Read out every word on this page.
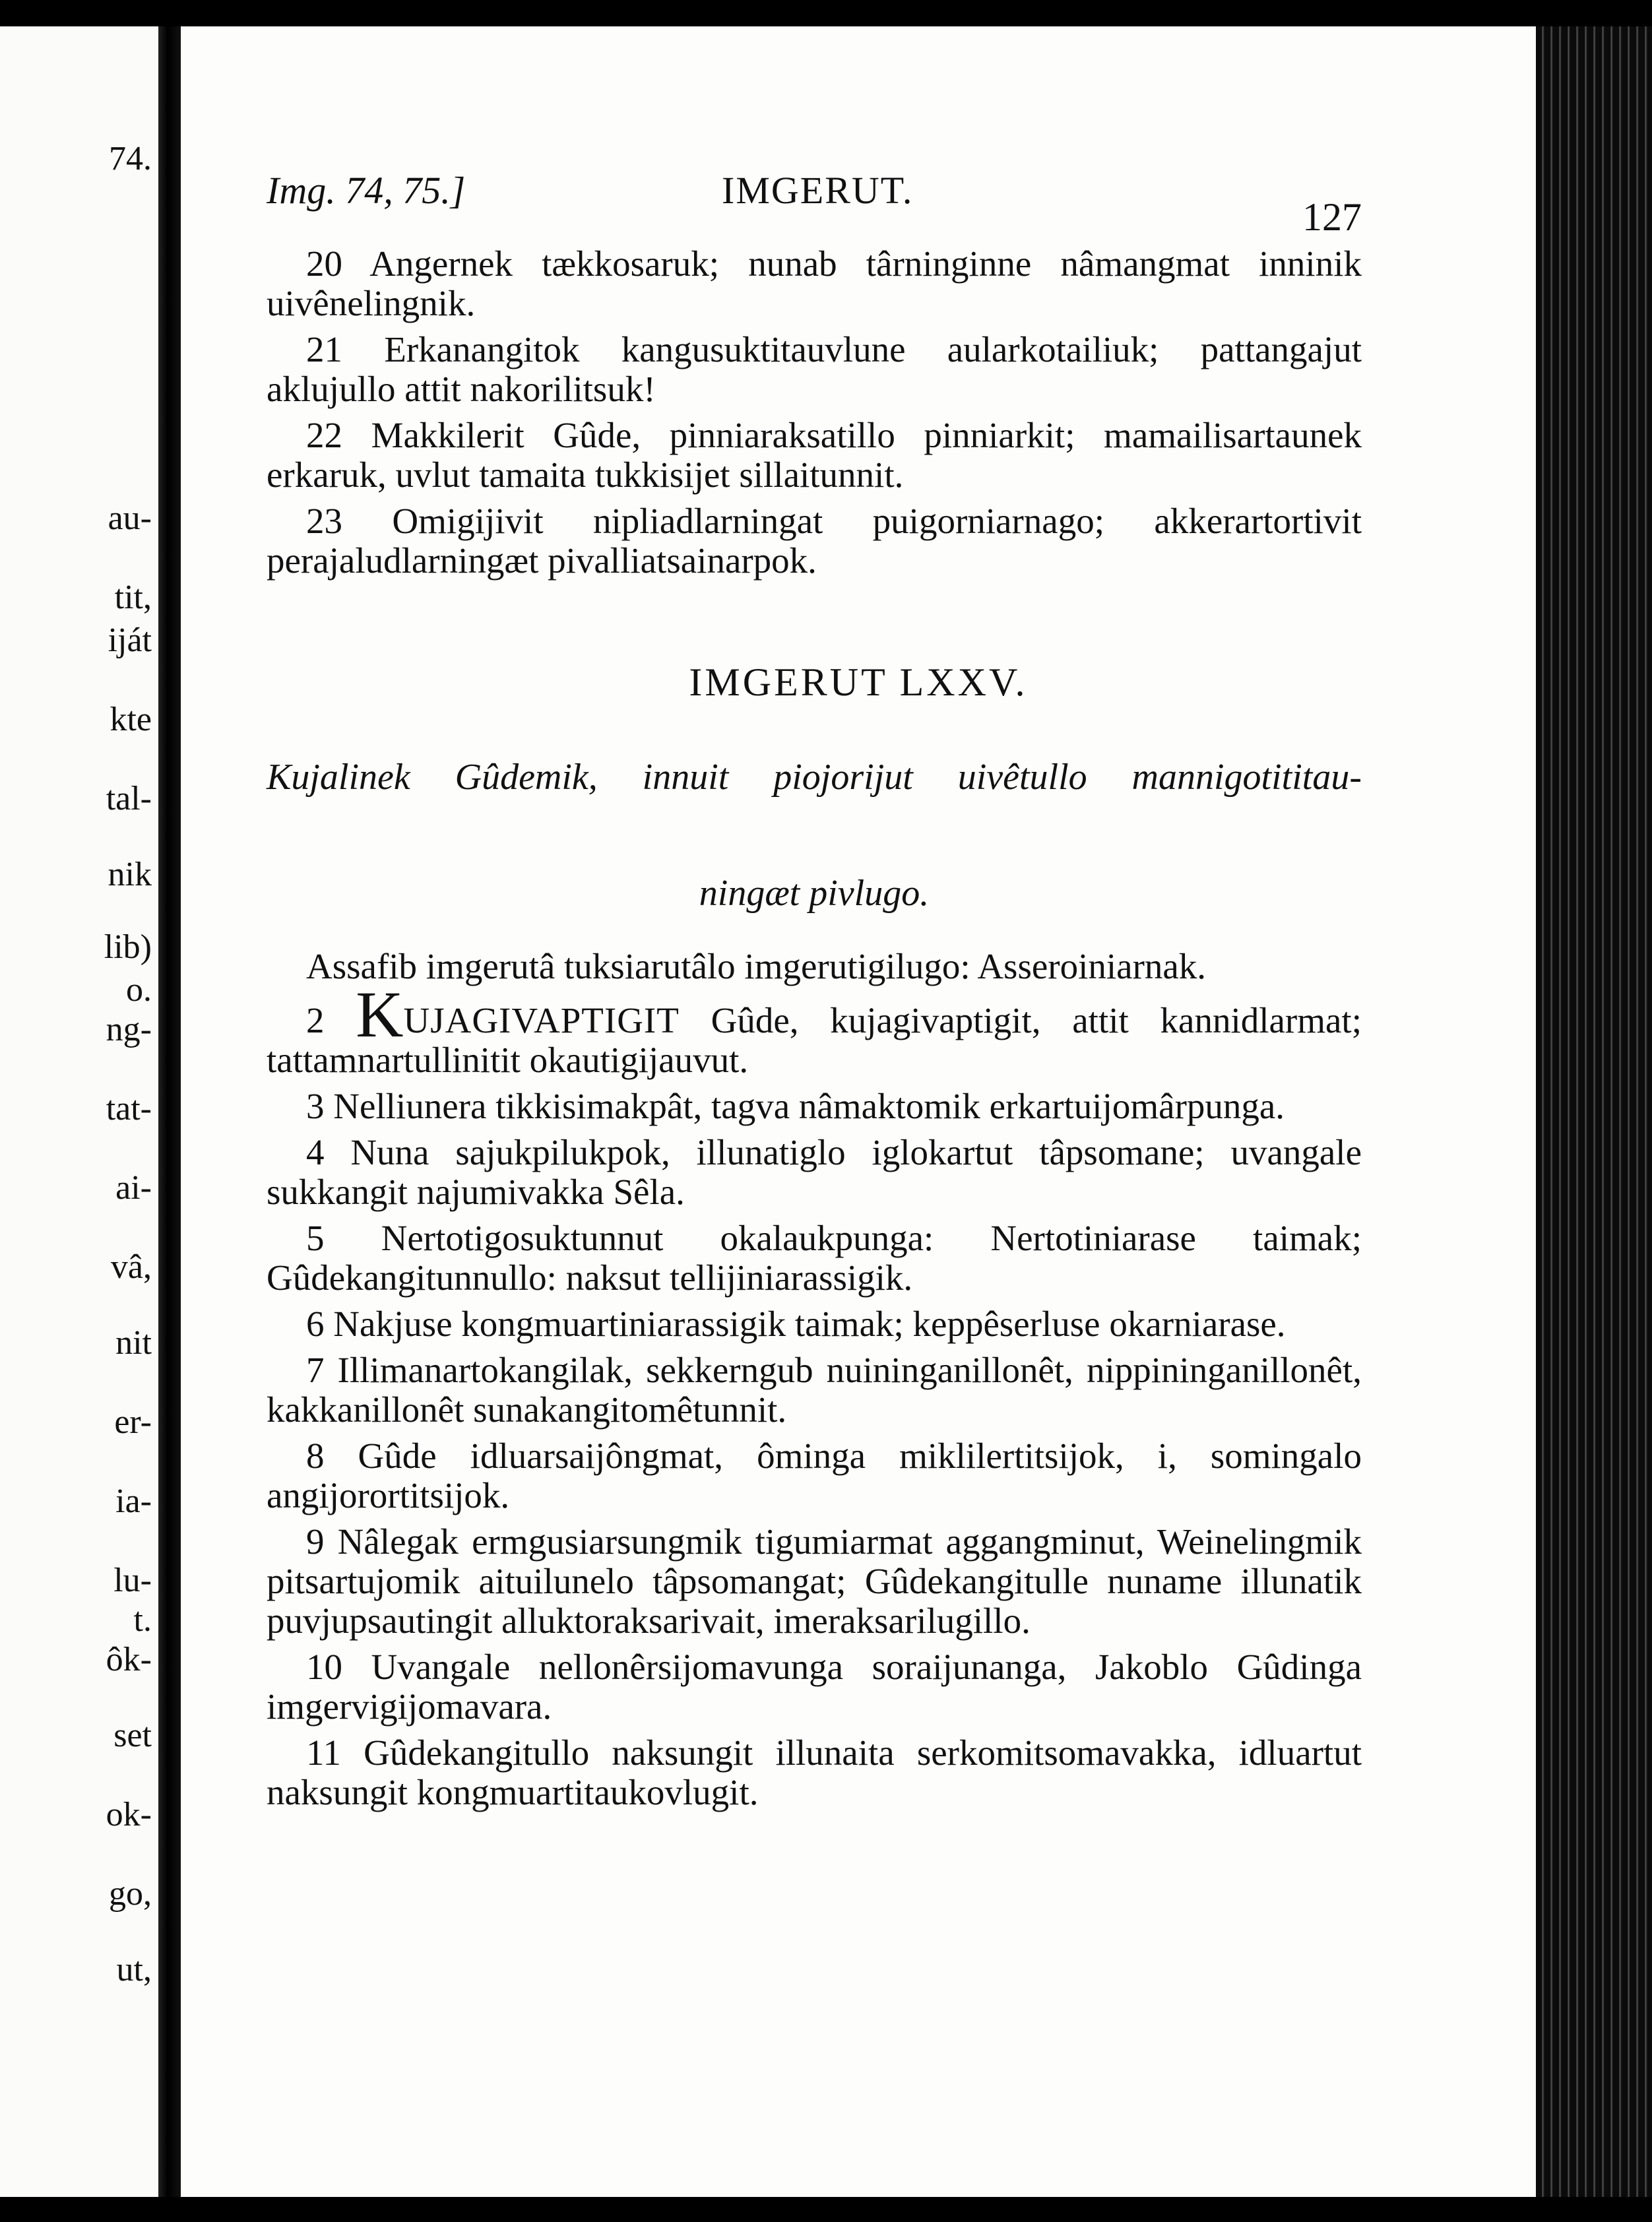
74.
au-
tit,
iját
kte
tal-
nik
lib)
o.
ng-
tat-
ai-
vâ,
nit
er-
ia-
lu-
t.
ôk-
set
ok-
go,
ut,
Img. 74, 75.]	IMGERUT.
127

20 Angernek tækkosaruk; nunab târninginne nâmangmat inninik uivênelingnik.

21 Erkanangitok kangusuktitauvlune aularkotailiuk; pattangajut aklujullo attit nakorilitsuk!

22 Makkilerit Gûde, pinniaraksatillo pinniarkit; mamailisartaunek erkaruk, uvlut tamaita tukkisijet sillaitunnit.

23 Omigijivit nipliadlarningat puigorniarnago; akkerartortivit perajaludlarningæt pivalliatsainarpok.

IMGERUT LXXV.
Kujalinek Gûdemik, innuit piojorijut uivêtullo mannigotititau-
ningæt pivlugo.

Assafib imgerutâ tuksiarutâlo imgerutigilugo: Asseroiniarnak.

2 KUJAGIVAPTIGIT Gûde, kujagivaptigit, attit kannidlarmat; tattamnartullinitit okautigijauvut.

3 Nelliunera tikkisimakpât, tagva nâmaktomik erkartuijomârpunga.

4 Nuna sajukpilukpok, illunatiglo iglokartut tâpsomane; uvangale sukkangit najumivakka Sêla.

5 Nertotigosuktunnut okalaukpunga: Nertotiniarase taimak; Gûdekangitunnullo: naksut tellijiniarassigik.

6 Nakjuse kongmuartiniarassigik taimak; keppêserluse okarniarase.

7 Illimanartokangilak, sekkerngub nuininganillonêt, nippininganillonêt, kakkanillonêt sunakangitomêtunnit.

8 Gûde idluarsaijôngmat, ôminga miklilertitsijok, i, somingalo angijorortitsijok.

9 Nâlegak ermgusiarsungmik tigumiarmat aggangminut, Weinelingmik pitsartujomik aituilunelo tâpsomangat; Gûdekangitulle nuname illunatik puvjupsautingit alluktoraksarivait, imeraksarilugillo.

10 Uvangale nellonêrsijomavunga soraijunanga, Jakoblo Gûdinga imgervigijomavara.

11 Gûdekangitullo naksungit illunaita serkomitsomavakka, idluartut naksungit kongmuartitaukovlugit.
